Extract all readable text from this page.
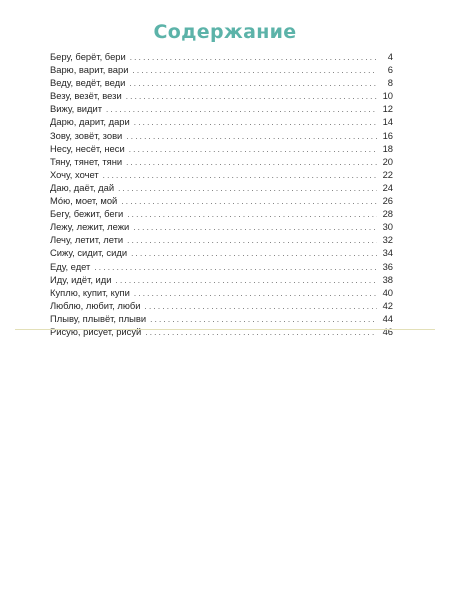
Содержание
Беру, берёт, бери . . .	4
Варю, варит, вари . . .	6
Веду, ведёт, веди . . .	8
Везу, везёт, вези . . .	10
Вижу, видит . . .	12
Дарю, дарит, дари . . .	14
Зову, зовёт, зови . . .	16
Несу, несёт, неси . . .	18
Тяну, тянет, тяни . . .	20
Хочу, хочет . . .	22
Даю, даёт, дай . . .	24
Мо́ю, моет, мой . . .	26
Бегу, бежит, беги . . .	28
Лежу, лежит, лежи . . .	30
Лечу, летит, лети . . .	32
Сижу, сидит, сиди . . .	34
Еду, едет . . .	36
Иду, идёт, иди . . .	38
Куплю, купит, купи . . .	40
Люблю, любит, люби . . .	42
Плыву, плывёт, плыви . . .	44
Рисую, рисует, рисуй . . .	46
